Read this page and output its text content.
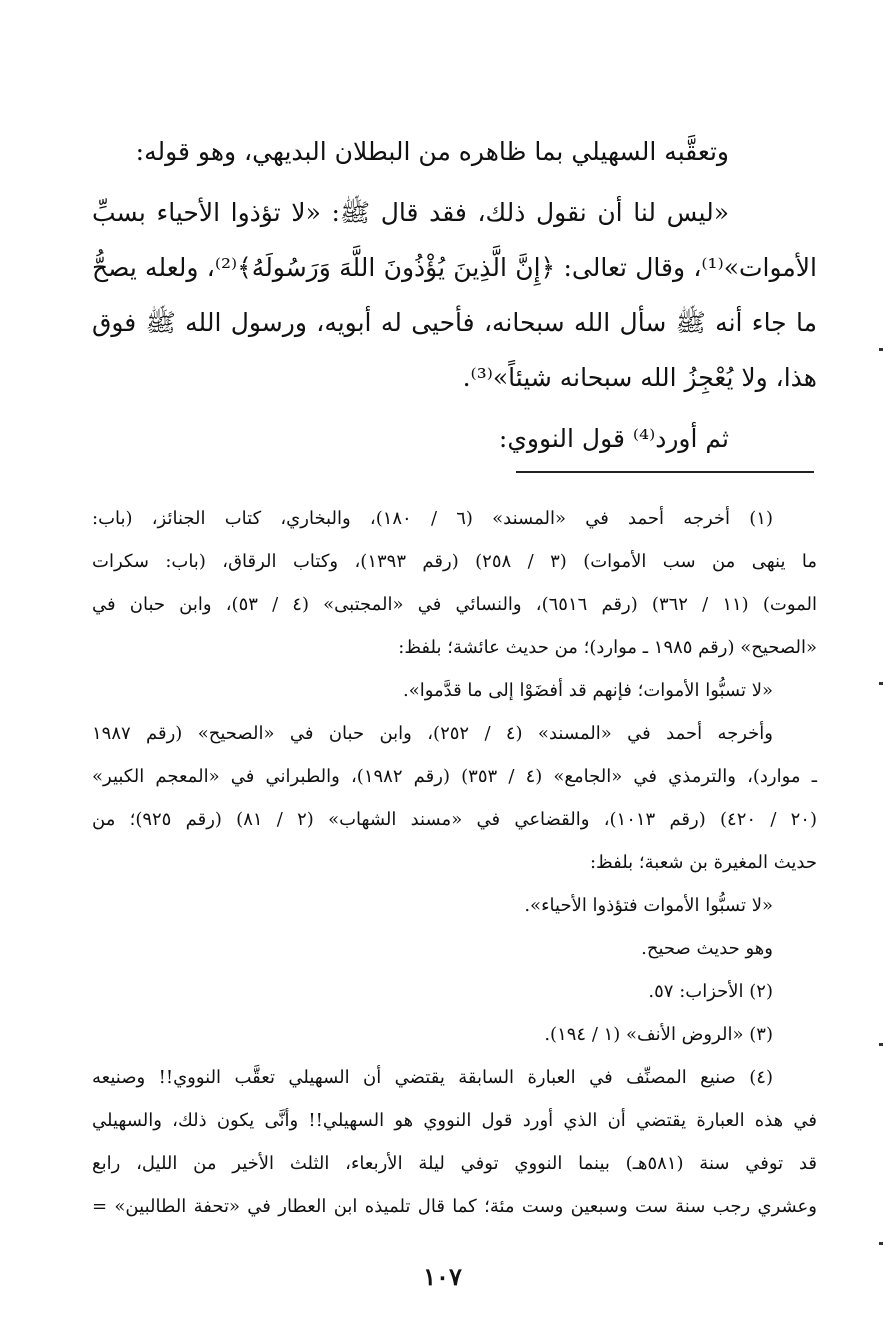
وتعقَّبه السهيلي بما ظاهره من البطلان البديهي، وهو قوله:

«ليس لنا أن نقول ذلك، فقد قال ﷺ: «لا تؤذوا الأحياء بسبِّ

الأموات»⁽¹⁾، وقال تعالى: ﴿إِنَّ الَّذِينَ يُؤْذُونَ اللَّهَ وَرَسُولَهُ﴾⁽²⁾، ولعله يصحُّ

ما جاء أنه ﷺ سأل الله سبحانه، فأحيى له أبويه، ورسول الله ﷺ فوق

هذا، ولا يُعْجِزُ الله سبحانه شيئاً»⁽³⁾.

ثم أورد⁽⁴⁾ قول النووي:

(١) أخرجه أحمد في «المسند» (٦ / ١٨٠)، والبخاري، كتاب الجنائز، (باب:

ما ينهى من سب الأموات) (٣ / ٢٥٨) (رقم ١٣٩٣)، وكتاب الرقاق، (باب: سكرات

الموت) (١١ / ٣٦٢) (رقم ٦٥١٦)، والنسائي في «المجتبى» (٤ / ٥٣)، وابن حبان في

«الصحيح» (رقم ١٩٨٥ ـ موارد)؛ من حديث عائشة؛ بلفظ:

«لا تسبُّوا الأموات؛ فإنهم قد أفضَوْا إلى ما قدَّموا».

وأخرجه أحمد في «المسند» (٤ / ٢٥٢)، وابن حبان في «الصحيح» (رقم ١٩٨٧

ـ موارد)، والترمذي في «الجامع» (٤ / ٣٥٣) (رقم ١٩٨٢)، والطبراني في «المعجم الكبير»

(٢٠ / ٤٢٠) (رقم ١٠١٣)، والقضاعي في «مسند الشهاب» (٢ / ٨١) (رقم ٩٢٥)؛ من

حديث المغيرة بن شعبة؛ بلفظ:

«لا تسبُّوا الأموات فتؤذوا الأحياء».

وهو حديث صحيح.

(٢) الأحزاب: ٥٧.

(٣) «الروض الأنف» (١ / ١٩٤).

(٤) صنيع المصنِّف في العبارة السابقة يقتضي أن السهيلي تعقَّب النووي!! وصنيعه

في هذه العبارة يقتضي أن الذي أورد قول النووي هو السهيلي!! وأنَّى يكون ذلك، والسهيلي

قد توفي سنة (٥٨١هـ) بينما النووي توفي ليلة الأربعاء، الثلث الأخير من الليل، رابع

وعشري رجب سنة ست وسبعين وست مئة؛ كما قال تلميذه ابن العطار في «تحفة الطالبين» =

١٠٧
